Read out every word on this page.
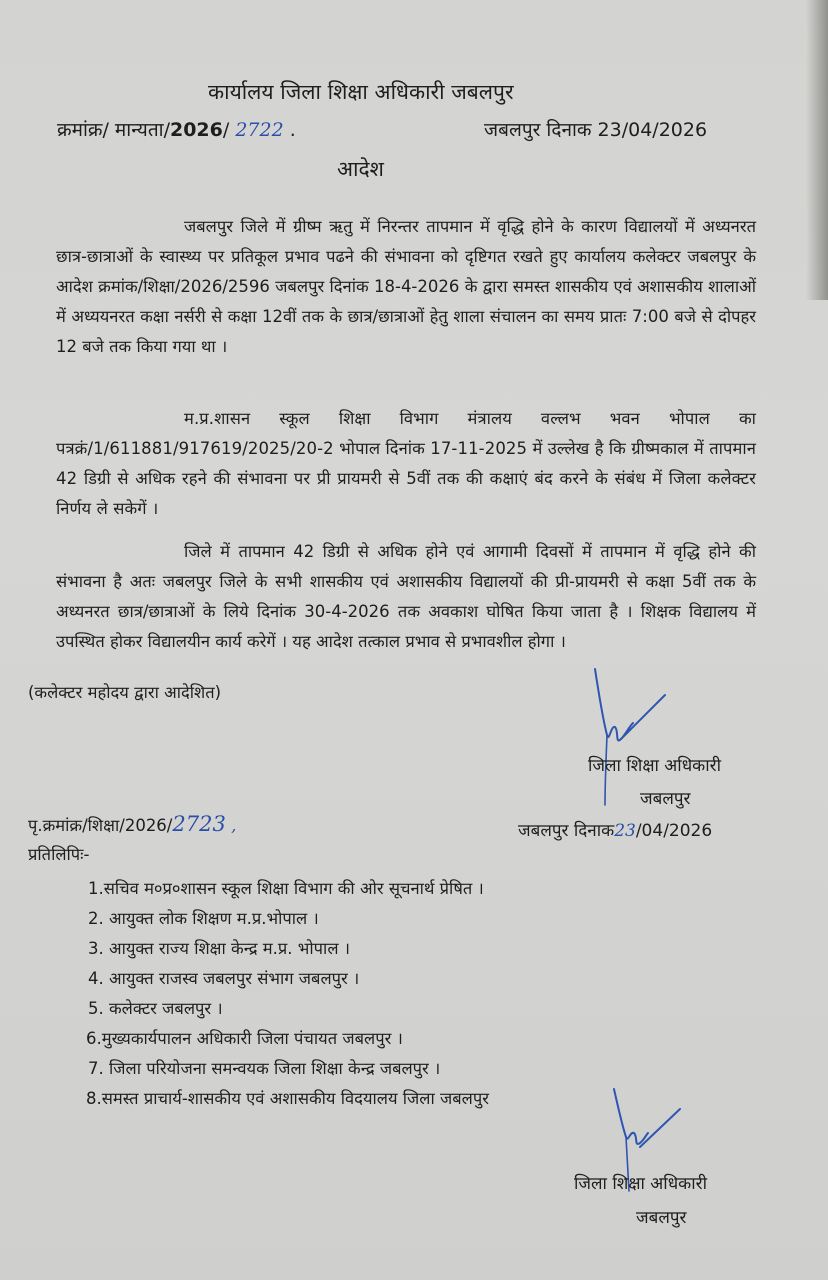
कार्यालय जिला शिक्षा अधिकारी जबलपुर
क्रमांक्र/ मान्यता/2026/ 2722 .	जबलपुर दिनाक 23/04/2026
आदेश
जबलपुर जिले में ग्रीष्म ऋतु में निरन्तर तापमान में वृद्धि होने के कारण विद्यालयों में अध्यनरत छात्र-छात्राओं के स्वास्थ्य पर प्रतिकूल प्रभाव पढने की संभावना को दृष्टिगत रखते हुए कार्यालय कलेक्टर जबलपुर के आदेश क्रमांक/शिक्षा/2026/2596 जबलपुर दिनांक 18-4-2026 के द्वारा समस्त शासकीय एवं अशासकीय शालाओं में अध्ययनरत कक्षा नर्सरी से कक्षा 12वीं तक के छात्र/छात्राओं हेतु शाला संचालन का समय प्रातः 7:00 बजे से दोपहर 12 बजे तक किया गया था ।
म.प्र.शासन स्कूल शिक्षा विभाग मंत्रालय वल्लभ भवन भोपाल का पत्रक्रं/1/611881/917619/2025/20-2 भोपाल दिनांक 17-11-2025 में उल्लेख है कि ग्रीष्मकाल में तापमान 42 डिग्री से अधिक रहने की संभावना पर प्री प्रायमरी से 5वीं तक की कक्षाएं बंद करने के संबंध में जिला कलेक्टर निर्णय ले सकेगें ।
जिले में तापमान 42 डिग्री से अधिक होने एवं आगामी दिवसों में तापमान में वृद्धि होने की संभावना है अतः जबलपुर जिले के सभी शासकीय एवं अशासकीय विद्यालयों की प्री-प्रायमरी से कक्षा 5वीं तक के अध्यनरत छात्र/छात्राओं के लिये दिनांक 30-4-2026 तक अवकाश घोषित किया जाता है । शिक्षक विद्यालय में उपस्थित होकर विद्यालयीन कार्य करेगें । यह आदेश तत्काल प्रभाव से प्रभावशील होगा ।
(कलेक्टर महोदय द्वारा आदेशित)
जिला शिक्षा अधिकारी
जबलपुर
पृ.क्रमांक्र/शिक्षा/2026/2723 ,	जबलपुर दिनाक23/04/2026
प्रतिलिपिः-
1.सचिव म०प्र०शासन स्कूल शिक्षा विभाग की ओर सूचनार्थ प्रेषित ।
2. आयुक्त लोक शिक्षण म.प्र.भोपाल ।
3. आयुक्त राज्य शिक्षा केन्द्र म.प्र. भोपाल ।
4. आयुक्त राजस्व जबलपुर संभाग जबलपुर ।
5. कलेक्टर जबलपुर ।
6.मुख्यकार्यपालन अधिकारी जिला पंचायत जबलपुर ।
7. जिला परियोजना समन्वयक जिला शिक्षा केन्द्र जबलपुर ।
8.समस्त प्राचार्य-शासकीय एवं अशासकीय विदयालय जिला जबलपुर
जिला शिक्षा अधिकारी
जबलपुर
